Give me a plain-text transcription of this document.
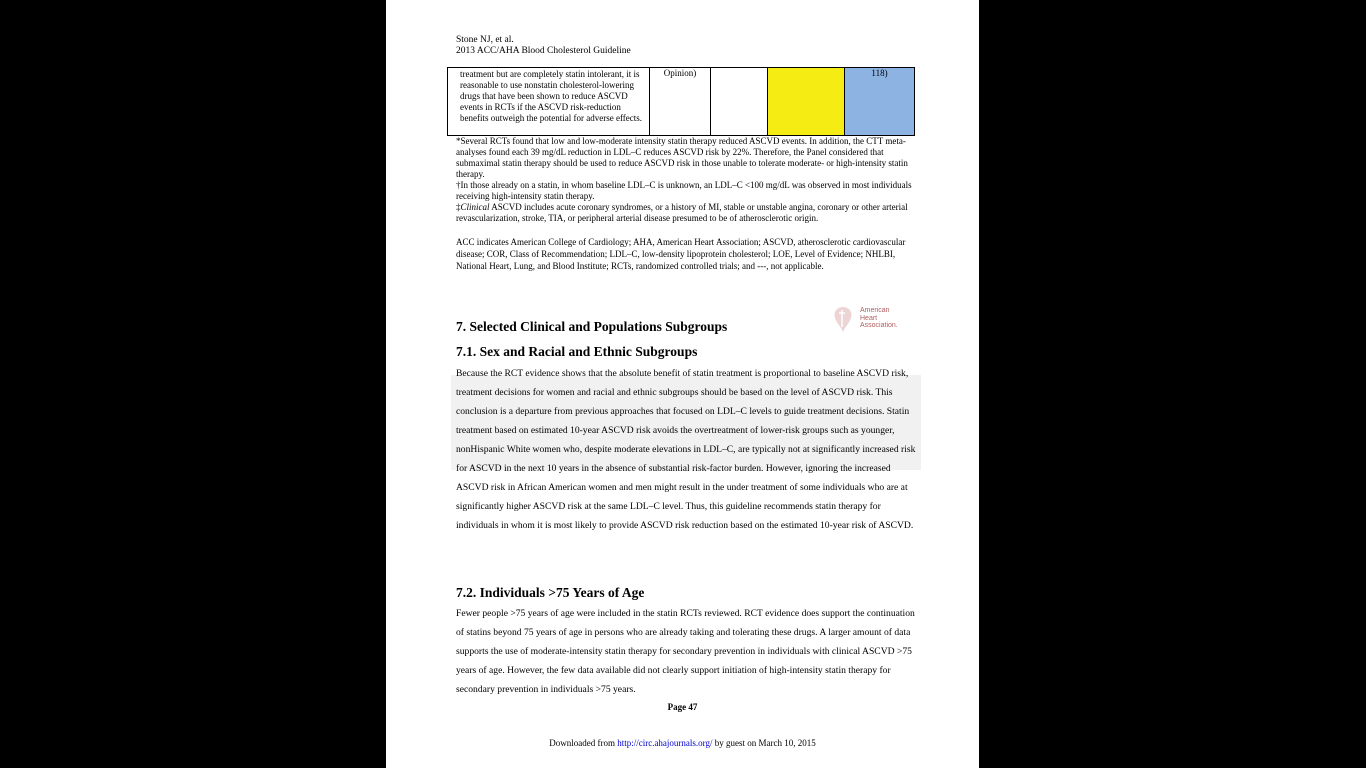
Stone NJ, et al.
2013 ACC/AHA Blood Cholesterol Guideline
treatment but are completely statin intolerant, it is reasonable to use nonstatin cholesterol-lowering drugs that have been shown to reduce ASCVD events in RCTs if the ASCVD risk-reduction benefits outweigh the potential for adverse effects.	Opinion)			118)

*Several RCTs found that low and low-moderate intensity statin therapy reduced ASCVD events. In addition, the CTT meta-analyses found each 39 mg/dL reduction in LDL–C reduces ASCVD risk by 22%. Therefore, the Panel considered that submaximal statin therapy should be used to reduce ASCVD risk in those unable to tolerate moderate- or high-intensity statin therapy.

†In those already on a statin, in whom baseline LDL–C is unknown, an LDL–C <100 mg/dL was observed in most individuals receiving high-intensity statin therapy.

‡Clinical ASCVD includes acute coronary syndromes, or a history of MI, stable or unstable angina, coronary or other arterial revascularization, stroke, TIA, or peripheral arterial disease presumed to be of atherosclerotic origin.

ACC indicates American College of Cardiology; AHA, American Heart Association; ASCVD, atherosclerotic cardiovascular disease; COR, Class of Recommendation; LDL–C, low-density lipoprotein cholesterol; LOE, Level of Evidence; NHLBI, National Heart, Lung, and Blood Institute; RCTs, randomized controlled trials; and ---, not applicable.

American
Heart
Association.
7. Selected Clinical and Populations Subgroups
7.1. Sex and Racial and Ethnic Subgroups

Because the RCT evidence shows that the absolute benefit of statin treatment is proportional to baseline ASCVD risk, treatment decisions for women and racial and ethnic subgroups should be based on the level of ASCVD risk. This conclusion is a departure from previous approaches that focused on LDL–C levels to guide treatment decisions. Statin treatment based on estimated 10-year ASCVD risk avoids the overtreatment of lower-risk groups such as younger, nonHispanic White women who, despite moderate elevations in LDL–C, are typically not at significantly increased risk for ASCVD in the next 10 years in the absence of substantial risk-factor burden. However, ignoring the increased ASCVD risk in African American women and men might result in the under treatment of some individuals who are at significantly higher ASCVD risk at the same LDL–C level. Thus, this guideline recommends statin therapy for individuals in whom it is most likely to provide ASCVD risk reduction based on the estimated 10-year risk of ASCVD.

7.2. Individuals >75 Years of Age

Fewer people >75 years of age were included in the statin RCTs reviewed. RCT evidence does support the continuation of statins beyond 75 years of age in persons who are already taking and tolerating these drugs. A larger amount of data supports the use of moderate-intensity statin therapy for secondary prevention in individuals with clinical ASCVD >75 years of age. However, the few data available did not clearly support initiation of high-intensity statin therapy for secondary prevention in individuals >75 years.

Page 47
Downloaded from http://circ.ahajournals.org/ by guest on March 10, 2015
